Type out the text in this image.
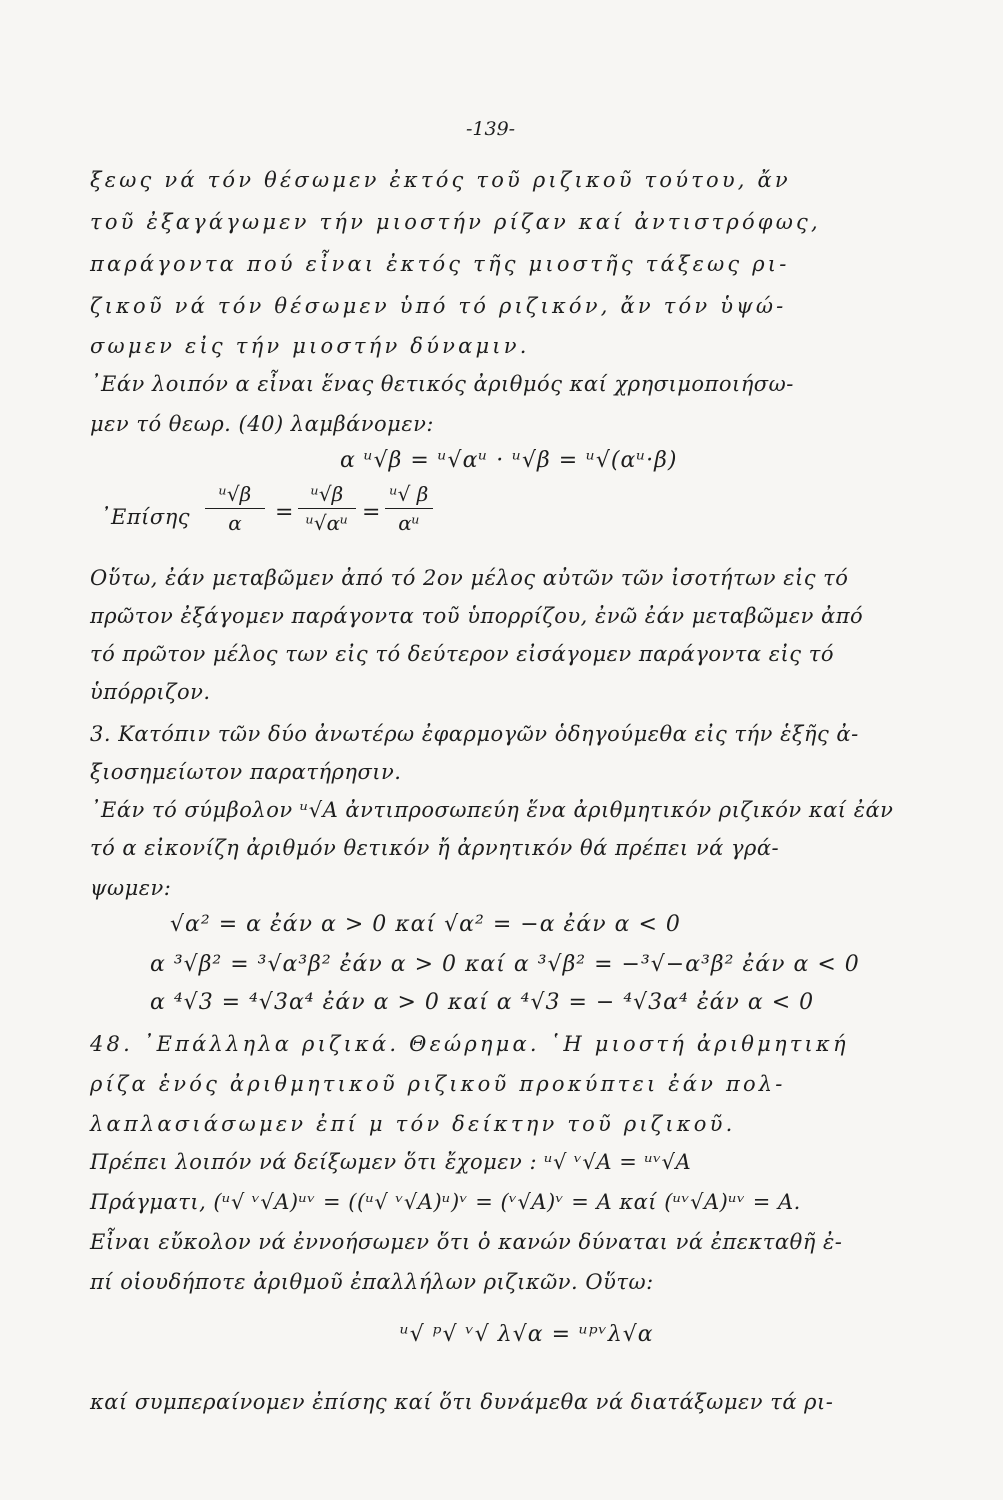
-139-
ξεως νά τόν θέσωμεν ἐκτός τοῦ ριζικοῦ τούτου, ἄν
τοῦ ἐξαγάγωμεν τήν μιοστήν ρίζαν καί ἀντιστρόφως,
παράγοντα πού εἶναι ἐκτός τῆς μιοστῆς τάξεως ρι-
ζικοῦ νά τόν θέσωμεν ὑπό τό ριζικόν, ἄν τόν ὑψώ-
σωμεν εἰς τήν μιοστήν δύναμιν.
᾿Εάν λοιπόν α εἶναι ἕνας θετικός ἀριθμός καί χρησιμοποιήσω-
μεν τό θεωρ. (40) λαμβάνομεν:
α ᵘ√β = ᵘ√αᵘ · ᵘ√β = ᵘ√(αᵘ·β)
᾿Επίσης
ᵘ√β
α	=
ᵘ√β
ᵘ√αᵘ =
ᵘ√ β
αᵘ
Οὕτω, ἐάν μεταβῶμεν ἀπό τό 2ον μέλος αὐτῶν τῶν ἰσοτήτων εἰς τό
πρῶτον ἐξάγομεν παράγοντα τοῦ ὑπορρίζου, ἐνῶ ἐάν μεταβῶμεν ἀπό
τό πρῶτον μέλος των εἰς τό δεύτερον εἰσάγομεν παράγοντα εἰς τό
ὑπόρριζον.
3. Κατόπιν τῶν δύο ἀνωτέρω ἐφαρμογῶν ὁδηγούμεθα εἰς τήν ἑξῆς ἀ-
ξιοσημείωτον παρατήρησιν.
᾿Εάν τό σύμβολον ᵘ√A ἀντιπροσωπεύη ἕνα ἀριθμητικόν ριζικόν καί ἐάν
τό α εἰκονίζη ἀριθμόν θετικόν ἤ ἀρνητικόν θά πρέπει νά γρά-
ψωμεν:
√α² = α ἐάν α > 0 καί √α² = −α ἐάν α < 0
α ³√β² = ³√α³β² ἐάν α > 0 καί α ³√β² = −³√−α³β² ἐάν α < 0
α ⁴√3 = ⁴√3α⁴ ἐάν α > 0 καί α ⁴√3 = − ⁴√3α⁴ ἐάν α < 0
48. ᾿Επάλληλα ριζικά. Θεώρημα. ῾Η μιοστή ἀριθμητική
ρίζα ἑνός ἀριθμητικοῦ ριζικοῦ προκύπτει ἐάν πολ-
λαπλασιάσωμεν ἐπί μ τόν δείκτην τοῦ ριζικοῦ.
Πρέπει λοιπόν νά δείξωμεν ὅτι ἔχομεν : ᵘ√ ᵛ√A = ᵘᵛ√A
Πράγματι, (ᵘ√ ᵛ√A)ᵘᵛ = ((ᵘ√ ᵛ√A)ᵘ)ᵛ = (ᵛ√A)ᵛ = A καί (ᵘᵛ√A)ᵘᵛ = A.
Εἶναι εὔκολον νά ἐννοήσωμεν ὅτι ὁ κανών δύναται νά ἐπεκταθῆ ἐ-
πί οἱουδήποτε ἀριθμοῦ ἐπαλλήλων ριζικῶν. Οὕτω:
ᵘ√ ᵖ√ ᵛ√ λ√α = ᵘᵖᵛλ√α
καί συμπεραίνομεν ἐπίσης καί ὅτι δυνάμεθα νά διατάξωμεν τά ρι-
